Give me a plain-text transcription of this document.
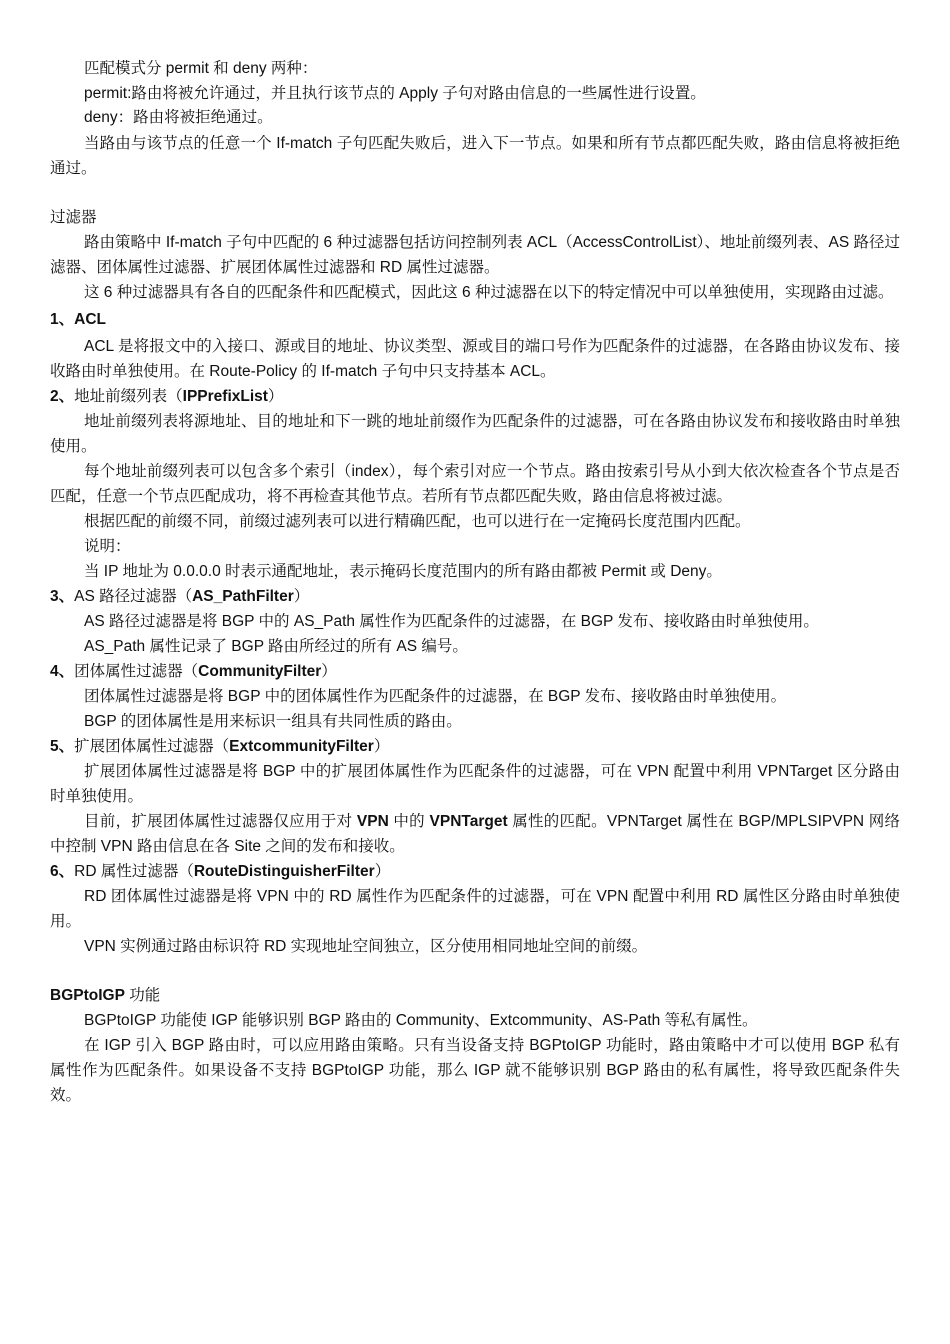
匹配模式分 permit 和 deny 两种：
permit:路由将被允许通过，并且执行该节点的 Apply 子句对路由信息的一些属性进行设置。
deny：路由将被拒绝通过。

当路由与该节点的任意一个 If-match 子句匹配失败后，进入下一节点。如果和所有节点都匹配失败，路由信息将被拒绝通过。

过滤器

路由策略中 If-match 子句中匹配的 6 种过滤器包括访问控制列表 ACL（AccessControlList）、地址前缀列表、AS 路径过滤器、团体属性过滤器、扩展团体属性过滤器和 RD 属性过滤器。

这 6 种过滤器具有各自的匹配条件和匹配模式，因此这 6 种过滤器在以下的特定情况中可以单独使用，实现路由过滤。

1、ACL

ACL 是将报文中的入接口、源或目的地址、协议类型、源或目的端口号作为匹配条件的过滤器，在各路由协议发布、接收路由时单独使用。在 Route-Policy 的 If-match 子句中只支持基本 ACL。

2、地址前缀列表（IPPrefixList）

地址前缀列表将源地址、目的地址和下一跳的地址前缀作为匹配条件的过滤器，可在各路由协议发布和接收路由时单独使用。

每个地址前缀列表可以包含多个索引（index），每个索引对应一个节点。路由按索引号从小到大依次检查各个节点是否匹配，任意一个节点匹配成功，将不再检查其他节点。若所有节点都匹配失败，路由信息将被过滤。

根据匹配的前缀不同，前缀过滤列表可以进行精确匹配，也可以进行在一定掩码长度范围内匹配。

说明：

当 IP 地址为 0.0.0.0 时表示通配地址，表示掩码长度范围内的所有路由都被 Permit 或 Deny。

3、AS 路径过滤器（AS_PathFilter）

AS 路径过滤器是将 BGP 中的 AS_Path 属性作为匹配条件的过滤器，在 BGP 发布、接收路由时单独使用。

AS_Path 属性记录了 BGP 路由所经过的所有 AS 编号。

4、团体属性过滤器（CommunityFilter）

团体属性过滤器是将 BGP 中的团体属性作为匹配条件的过滤器，在 BGP 发布、接收路由时单独使用。

BGP 的团体属性是用来标识一组具有共同性质的路由。

5、扩展团体属性过滤器（ExtcommunityFilter）

扩展团体属性过滤器是将 BGP 中的扩展团体属性作为匹配条件的过滤器，可在 VPN 配置中利用 VPNTarget 区分路由时单独使用。

目前，扩展团体属性过滤器仅应用于对 VPN 中的 VPNTarget 属性的匹配。VPNTarget 属性在 BGP/MPLSIPVPN 网络中控制 VPN 路由信息在各 Site 之间的发布和接收。

6、RD 属性过滤器（RouteDistinguisherFilter）

RD 团体属性过滤器是将 VPN 中的 RD 属性作为匹配条件的过滤器，可在 VPN 配置中利用 RD 属性区分路由时单独使用。

VPN 实例通过路由标识符 RD 实现地址空间独立，区分使用相同地址空间的前缀。

BGPtoIGP 功能

BGPtoIGP 功能使 IGP 能够识别 BGP 路由的 Community、Extcommunity、AS-Path 等私有属性。

在 IGP 引入 BGP 路由时，可以应用路由策略。只有当设备支持 BGPtoIGP 功能时，路由策略中才可以使用 BGP 私有属性作为匹配条件。如果设备不支持 BGPtoIGP 功能，那么 IGP 就不能够识别 BGP 路由的私有属性，将导致匹配条件失效。
